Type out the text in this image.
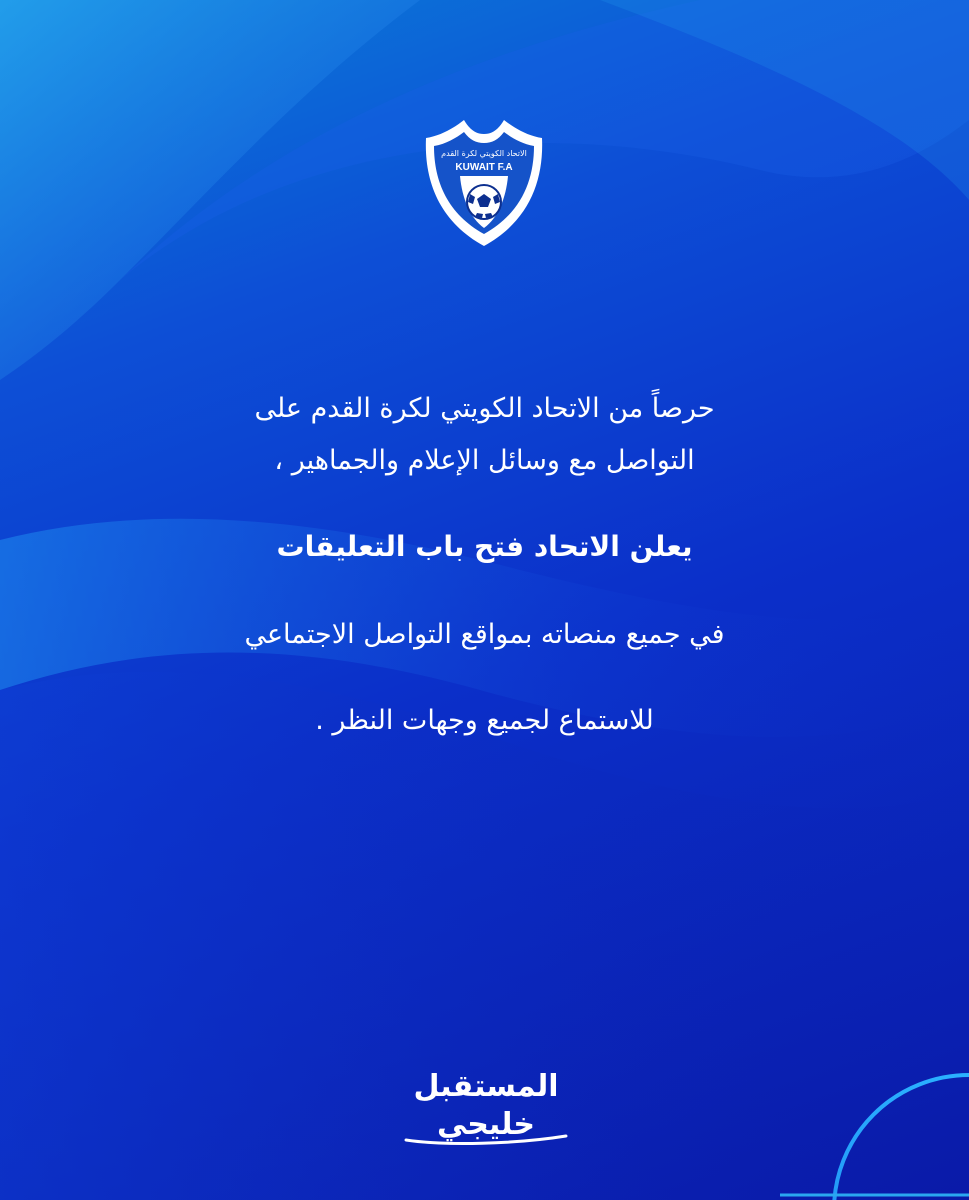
الاتحاد الكويتي لكرة القدم
KUWAIT F.A

حرصاً من الاتحاد الكويتي لكرة القدم على

التواصل مع وسائل الإعلام والجماهير ،

يعلن الاتحاد فتح باب التعليقات

في جميع منصاته بمواقع التواصل الاجتماعي

للاستماع لجميع وجهات النظر .

المستقبل
خليجي
